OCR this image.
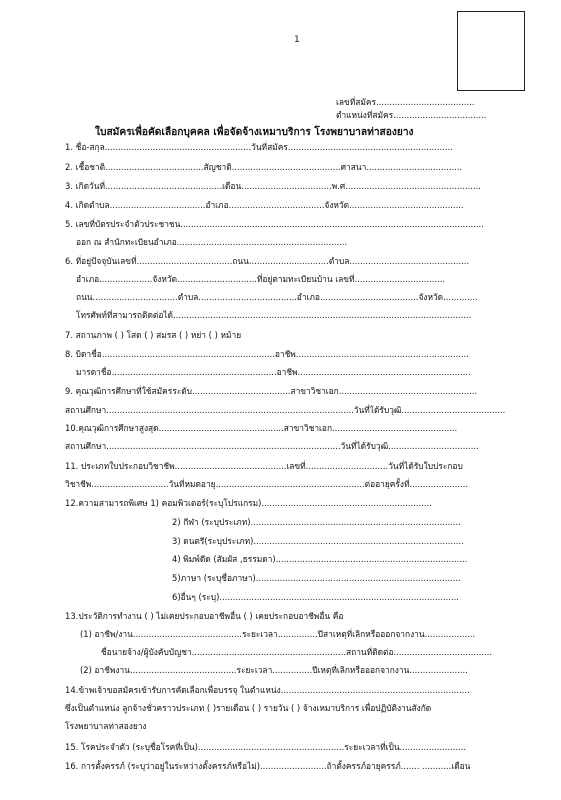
1
เลขที่สมัคร.....................................
ตำแหน่งที่สมัคร...................................
ใบสมัครเพื่อคัดเลือกบุคคล เพื่อจัดจ้างเหมาบริการ โรงพยาบาลท่าสองยาง
1. ชื่อ-สกุล.......................................................วันที่สมัคร..............................................................
2. เชื้อชาติ.....................................สัญชาติ.........................................ศาสนา....................................
3. เกิดวันที่............................................เดือน..................................พ.ศ...................................................
4. เกิดตำบล....................................อำเภอ....................................จังหวัด...........................................
5. เลขที่บัตรประจำตัวประชาชน..................................................................................................................
ออก ณ สำนักทะเบียนอำเภอ................................................................
6. ที่อยู่ปัจจุบันเลขที่....................................ถนน..............................ตำบล.............................................
อำเภอ....................จังหวัด..............................ที่อยู่ตามทะเบียนบ้าน เลขที่..................................
ถนน................................ตำบล.....................................อำเภอ.....................................จังหวัด.............
โทรศัพท์ที่สามารถติดต่อได้................................................................................................................
7. สถานภาพ ( ) โสด ( ) สมรส ( ) หย่า ( ) หม้าย
8. บิดาชื่อ.................................................................อาชีพ.................................................................
มารดาชื่อ..............................................................อาชีพ.................................................................
9. คุณวุฒิการศึกษาที่ใช้สมัครระดับ.....................................สาขาวิชาเอก....................................................
สถานศึกษา.............................................................................................วันที่ได้รับวุฒิ.......................................
10.คุณวุฒิการศึกษาสูงสุด...............................................สาขาวิชาเอก...............................................
สถานศึกษา........................................................................................วันที่ได้รับวุฒิ..................................
11. ประเภทใบประกอบวิชาชีพ..........................................เลขที่...............................วันที่ได้รับใบประกอบ
วิชาชีพ.............................วันที่หมดอายุ........................................................ต่ออายุครั้งที่......................
12.ความสามารถพิเศษ 1) คอมพิวเตอร์(ระบุโปรแกรม)................................................................
2) กีฬา (ระบุประเภท)...............................................................................
3) ดนตรี(ระบุประเภท)...............................................................................
4) พิมพ์ดีด (สัมผัส ,ธรรมดา)........................................................................
5)ภาษา (ระบุชื่อภาษา).............................................................................
6)อื่นๆ (ระบุ)..........................................................................................
13.ประวัติการทำงาน ( ) ไม่เคยประกอบอาชีพอื่น ( ) เคยประกอบอาชีพอื่น คือ
(1) อาชีพ/งาน.........................................ระยะเวลา...............ปีสาเหตุที่เลิกหรือออกจากงาน...................
ชื่อนายจ้าง/ผู้บังคับบัญชา..........................................................สถานที่ติดต่อ.....................................
(2) อาชีพงาน........................................ระยะเวลา...............ปีเหตุที่เลิกหรือออกจากงาน......................
14.ข้าพเจ้าขอสมัครเข้ารับการคัดเลือกเพื่อบรรจุ ในตำแหน่ง.......................................................................
ซึ่งเป็นตำแหน่ง ลูกจ้างชั่วคราวประเภท ( )รายเดือน ( ) รายวัน ( ) จ้างเหมาบริการ เพื่อปฏิบัติงานสังกัด
โรงพยาบาลท่าสองยาง
15. โรคประจำตัว (ระบุชื่อโรคที่เป็น).......................................................ระยะเวลาที่เป็น.........................
16. การตั้งครรภ์ (ระบุว่าอยู่ในระหว่างตั้งครรภ์หรือไม่).........................ถ้าตั้งครรภ์อายุครรภ์....... ...........เดือน
